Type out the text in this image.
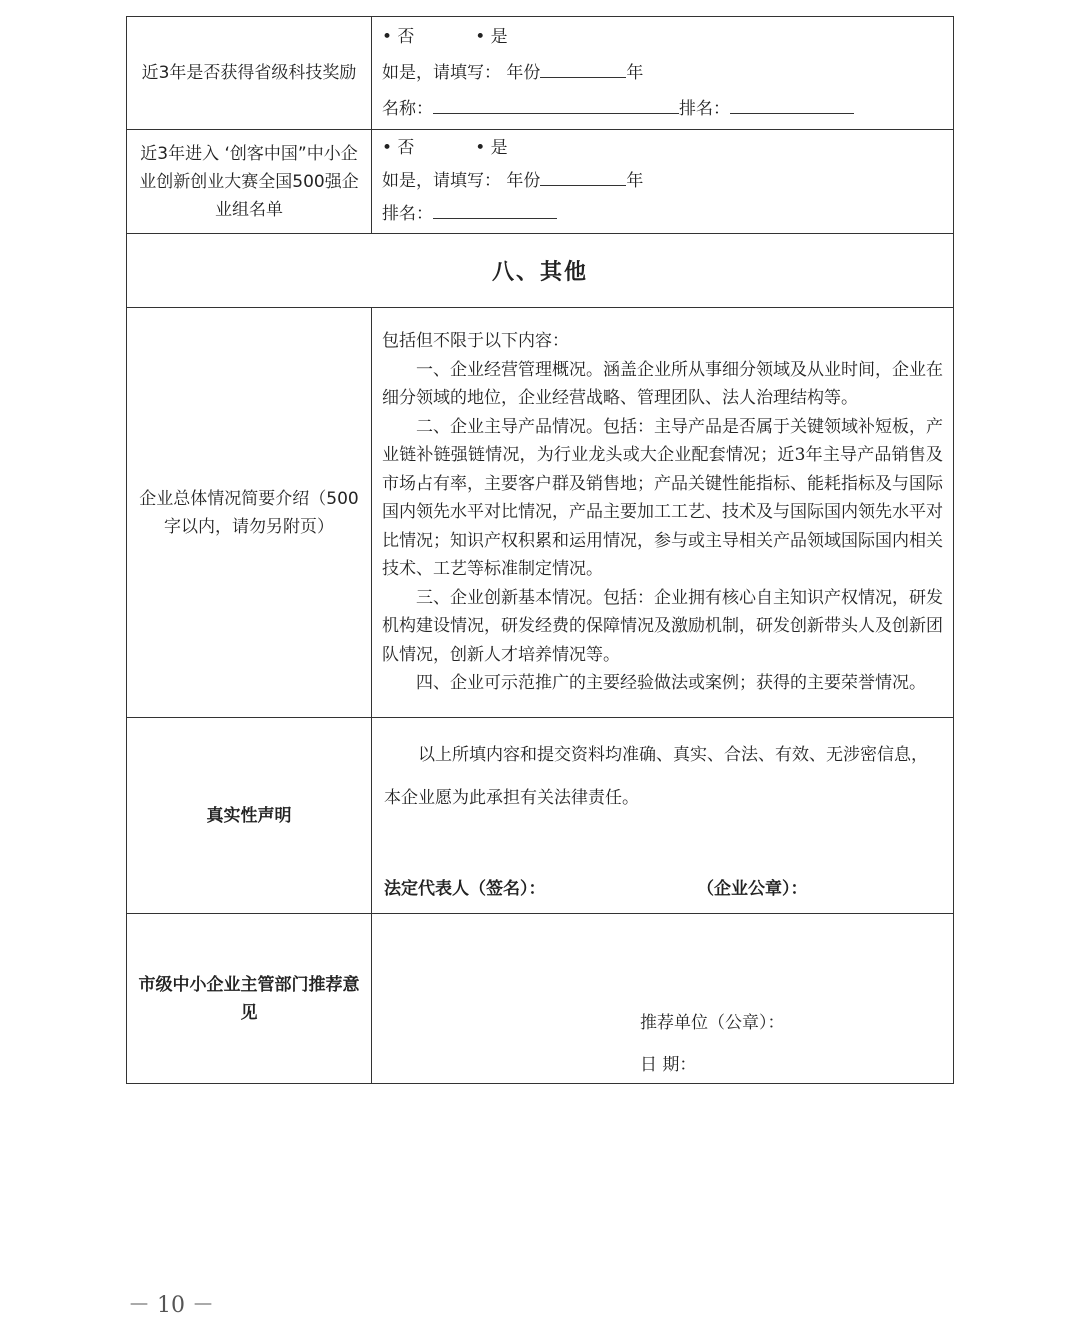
近3年是否获得省级科技奖励	• 否 • 是
如是，请填写： 年份 年
名称： 排名：

近3年进入 ‘创客中国”中小企业创新创业大赛全国500强企业组名单	• 否 • 是
如是，请填写： 年份 年
排名：

八、其他	
企业总体情况简要介绍（500字以内，请勿另附页）	包括但不限于以下内容：

一、企业经营管理概况。涵盖企业所从事细分领域及从业时间，企业在细分领域的地位，企业经营战略、管理团队、法人治理结构等。

二、企业主导产品情况。包括：主导产品是否属于关键领域补短板，产业链补链强链情况，为行业龙头或大企业配套情况；近3年主导产品销售及市场占有率，主要客户群及销售地；产品关键性能指标、能耗指标及与国际国内领先水平对比情况，产品主要加工工艺、技术及与国际国内领先水平对比情况；知识产权积累和运用情况，参与或主导相关产品领域国际国内相关技术、工艺等标准制定情况。

三、企业创新基本情况。包括：企业拥有核心自主知识产权情况，研发机构建设情况，研发经费的保障情况及激励机制，研发创新带头人及创新团队情况，创新人才培养情况等。

四、企业可示范推广的主要经验做法或案例；获得的主要荣誉情况。

真实性声明	以上所填内容和提交资料均准确、真实、合法、有效、无涉密信息，本企业愿为此承担有关法律责任。
法定代表人（签名）： （企业公章）：

市级中小企业主管部门推荐意见	推荐单位（公章）：
日 期：
－ 10 －
